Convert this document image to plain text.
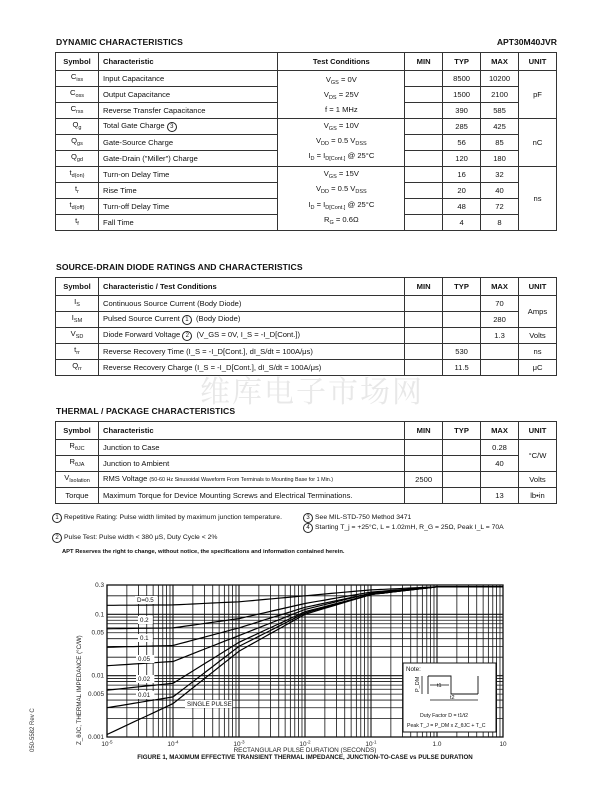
DYNAMIC CHARACTERISTICS	APT30M40JVR
Symbol	Characteristic	Test Conditions	MIN	TYP	MAX	UNIT
$C_{iss}$	Input Capacitance	$V_{GS} = 0V$
$V_{DS} = 25V$
f = 1 MHz		8500	10200	pF
$C_{oss}$	Output Capacitance			1500	2100	
$C_{rss}$	Reverse Transfer Capacitance			390	585	
$Q_g$	Total Gate Charge 3	$V_{GS} = 10V$
$V_{DD} = 0.5$ $V_{DSS}$
$I_D = I_{D[Cont.]}$ @ 25°C		285	425	nC
$Q_{gs}$	Gate-Source Charge			56	85	
$Q_{gd}$	Gate-Drain ("Miller") Charge			120	180	
$t_{d(on)}$	Turn-on Delay Time	$V_{GS} = 15V$
$V_{DD} = 0.5$ $V_{DSS}$
$I_D = I_{D[Cont.]}$ @ 25°C
$R_G = 0.6\Omega$		16	32	ns
$t_r$	Rise Time			20	40	
$t_{d(off)}$	Turn-off Delay Time			48	72	
$t_f$	Fall Time			4	8	
SOURCE-DRAIN DIODE RATINGS AND CHARACTERISTICS
Symbol	Characteristic / Test Conditions	MIN	TYP	MAX	UNIT
$I_S$	Continuous Source Current (Body Diode)			70	Amps
$I_{SM}$	Pulsed Source Current 1 (Body Diode)			280	
$V_{SD}$	Diode Forward Voltage 2 (V_GS = 0V, I_S = -I_D[Cont.])			1.3	Volts
$t_{rr}$	Reverse Recovery Time (I_S = -I_D[Cont.], dI_S/dt = 100A/μs)		530		ns
$Q_{rr}$	Reverse Recovery Charge (I_S = -I_D[Cont.], dI_S/dt = 100A/μs)		11.5		μC
维库电子市场网
THERMAL / PACKAGE CHARACTERISTICS
Symbol	Characteristic	MIN	TYP	MAX	UNIT
$R_{\theta JC}$	Junction to Case			0.28	°C/W
$R_{\theta JA}$	Junction to Ambient			40	
$V_{Isolation}$	RMS Voltage (50-60 Hz Sinusoidal Waveform From Terminals to Mounting Base for 1 Min.)	2500			Volts
Torque	Maximum Torque for Device Mounting Screws and Electrical Terminations.			13	lb•in
1 Repetitive Rating: Pulse width limited by maximum junction temperature.
2 Pulse Test: Pulse width < 380 μS, Duty Cycle < 2%
3 See MIL-STD-750 Method 3471
4 Starting T_j = +25°C, L = 1.02mH, R_G = 25Ω, Peak I_L = 70A
APT Reserves the right to change, without notice, the specifications and information contained herein.
D=0.5
0.2
0.1
0.05
0.02
0.01
SINGLE PULSE
0.3
0.1
0.05
0.01
0.005
0.001
$10^{-5}$	$10^{-4}$	$10^{-3}$	$10^{-2}$	$10^{-1}$	1.0	10
Note:
P_DM	t1
t2
Duty Factor D = t1/t2
Peak T_J = P_DM x Z_θJC + T_C
Z_θJC, THERMAL IMPEDANCE (°C/W)
RECTANGULAR PULSE DURATION (SECONDS)
FIGURE 1, MAXIMUM EFFECTIVE TRANSIENT THERMAL IMPEDANCE, JUNCTION-TO-CASE vs PULSE DURATION
050-5582 Rev C
